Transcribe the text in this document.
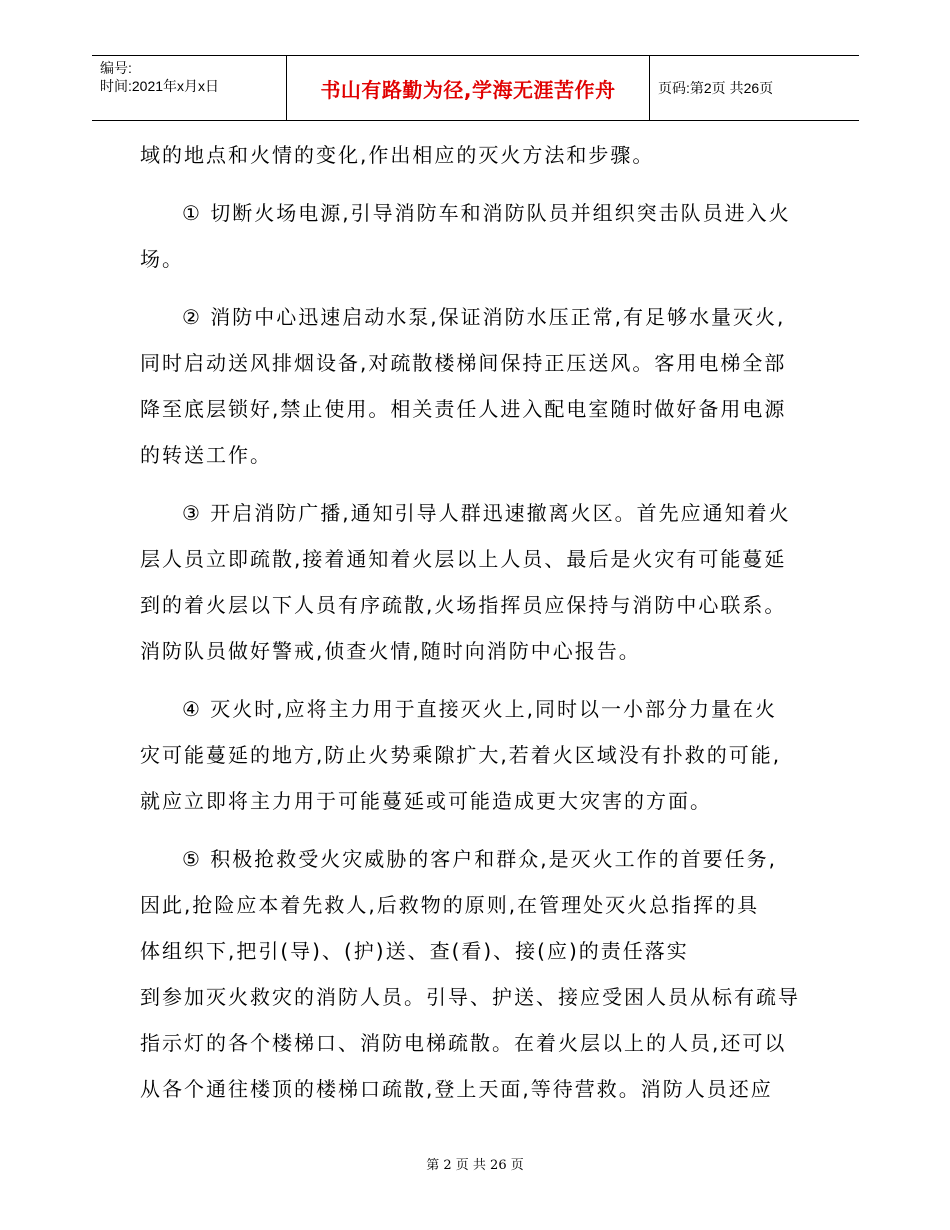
编号:
时间:2021年x月x日	书山有路勤为径,学海无涯苦作舟	页码:第2页 共26页

域的地点和火情的变化,作出相应的灭火方法和步骤。

① 切断火场电源,引导消防车和消防队员并组织突击队员进入火
场。

② 消防中心迅速启动水泵,保证消防水压正常,有足够水量灭火,
同时启动送风排烟设备,对疏散楼梯间保持正压送风。客用电梯全部
降至底层锁好,禁止使用。相关责任人进入配电室随时做好备用电源
的转送工作。

③ 开启消防广播,通知引导人群迅速撤离火区。首先应通知着火
层人员立即疏散,接着通知着火层以上人员、最后是火灾有可能蔓延
到的着火层以下人员有序疏散,火场指挥员应保持与消防中心联系。
消防队员做好警戒,侦查火情,随时向消防中心报告。

④ 灭火时,应将主力用于直接灭火上,同时以一小部分力量在火
灾可能蔓延的地方,防止火势乘隙扩大,若着火区域没有扑救的可能,
就应立即将主力用于可能蔓延或可能造成更大灾害的方面。

⑤ 积极抢救受火灾威胁的客户和群众,是灭火工作的首要任务,
因此,抢险应本着先救人,后救物的原则,在管理处灭火总指挥的具
体组织下,把引(导)、(护)送、查(看)、接(应)的责任落实
到参加灭火救灾的消防人员。引导、护送、接应受困人员从标有疏导
指示灯的各个楼梯口、消防电梯疏散。在着火层以上的人员,还可以
从各个通往楼顶的楼梯口疏散,登上天面,等待营救。消防人员还应

第 2 页 共 26 页
